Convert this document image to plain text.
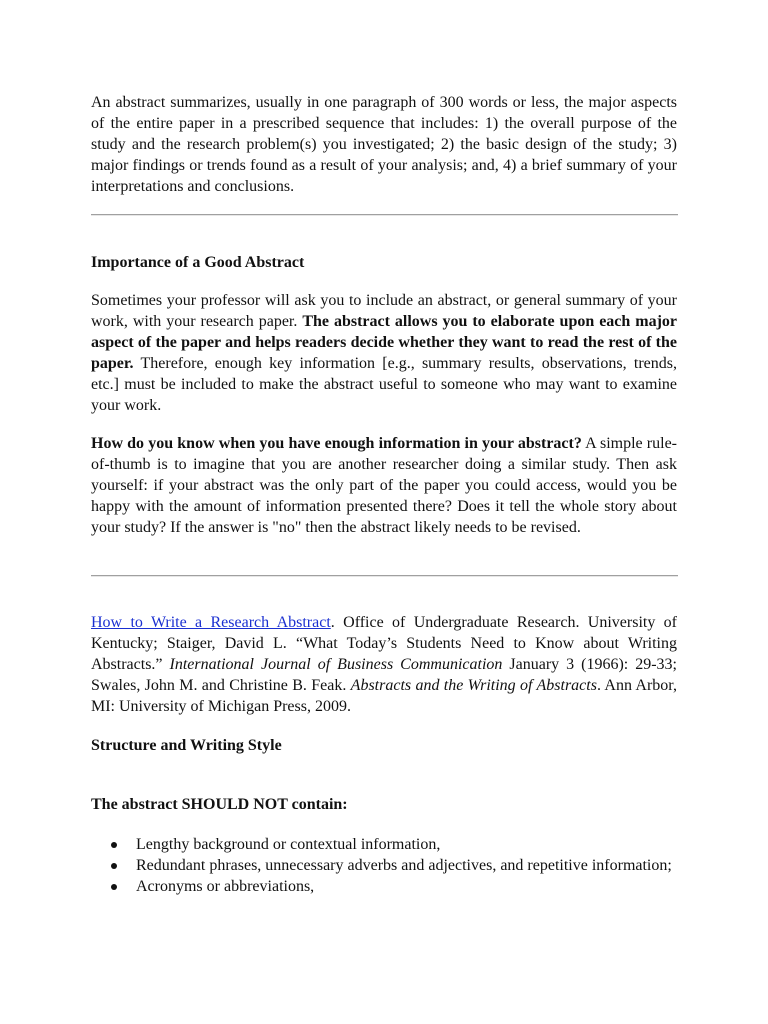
An abstract summarizes, usually in one paragraph of 300 words or less, the major aspects of the entire paper in a prescribed sequence that includes: 1) the overall purpose of the study and the research problem(s) you investigated; 2) the basic design of the study; 3) major findings or trends found as a result of your analysis; and, 4) a brief summary of your interpretations and conclusions.

Importance of a Good Abstract

Sometimes your professor will ask you to include an abstract, or general summary of your work, with your research paper. The abstract allows you to elaborate upon each major aspect of the paper and helps readers decide whether they want to read the rest of the paper. Therefore, enough key information [e.g., summary results, observations, trends, etc.] must be included to make the abstract useful to someone who may want to examine your work.

How do you know when you have enough information in your abstract? A simple rule-of-thumb is to imagine that you are another researcher doing a similar study. Then ask yourself: if your abstract was the only part of the paper you could access, would you be happy with the amount of information presented there? Does it tell the whole story about your study? If the answer is "no" then the abstract likely needs to be revised.

How to Write a Research Abstract. Office of Undergraduate Research. University of Kentucky; Staiger, David L. “What Today’s Students Need to Know about Writing Abstracts.” International Journal of Business Communication January 3 (1966): 29-33; Swales, John M. and Christine B. Feak. Abstracts and the Writing of Abstracts. Ann Arbor, MI: University of Michigan Press, 2009.

Structure and Writing Style

The abstract SHOULD NOT contain:

Lengthy background or contextual information,
Redundant phrases, unnecessary adverbs and adjectives, and repetitive information;
Acronyms or abbreviations,
